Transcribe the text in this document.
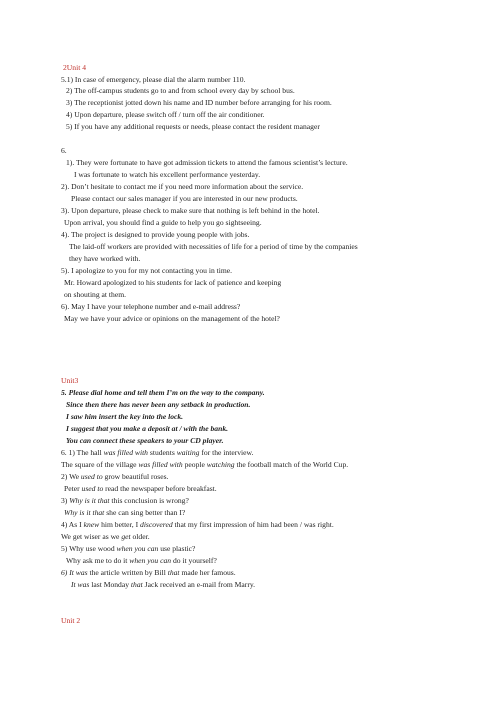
2Unit 4
5.1) In case of emergency, please dial the alarm number 110.
2) The off-campus students go to and from school every day by school bus.
3) The receptionist jotted down his name and ID number before arranging for his room.
4) Upon departure, please switch off / turn off the air conditioner.
5) If you have any additional requests or needs, please contact the resident manager
6.
1). They were fortunate to have got admission tickets to attend the famous scientist’s lecture.
I was fortunate to watch his excellent performance yesterday.
2). Don’t hesitate to contact me if you need more information about the service.
Please contact our sales manager if you are interested in our new products.
3). Upon departure, please check to make sure that nothing is left behind in the hotel.
Upon arrival, you should find a guide to help you go sightseeing.
4). The project is designed to provide young people with jobs.
The laid-off workers are provided with necessities of life for a period of time by the companies
they have worked with.
5). I apologize to you for my not contacting you in time.
Mr. Howard apologized to his students for lack of patience and keeping
on shouting at them.
6). May I have your telephone number and e-mail address?
May we have your advice or opinions on the management of the hotel?
Unit3
5. Please dial home and tell them I’m on the way to the company.
Since then there has never been any setback in production.
I saw him insert the key into the lock.
I suggest that you make a deposit at / with the bank.
You can connect these speakers to your CD player.
6. 1) The hall was filled with students waiting for the interview.
The square of the village was filled with people watching the football match of the World Cup.
2) We used to grow beautiful roses.
Peter used to read the newspaper before breakfast.
3) Why is it that this conclusion is wrong?
Why is it that she can sing better than I?
4) As I knew him better, I discovered that my first impression of him had been / was right.
We get wiser as we get older.
5) Why use wood when you can use plastic?
Why ask me to do it when you can do it yourself?
6) It was the article written by Bill that made her famous.
It was last Monday that Jack received an e-mail from Marry.
Unit 2
